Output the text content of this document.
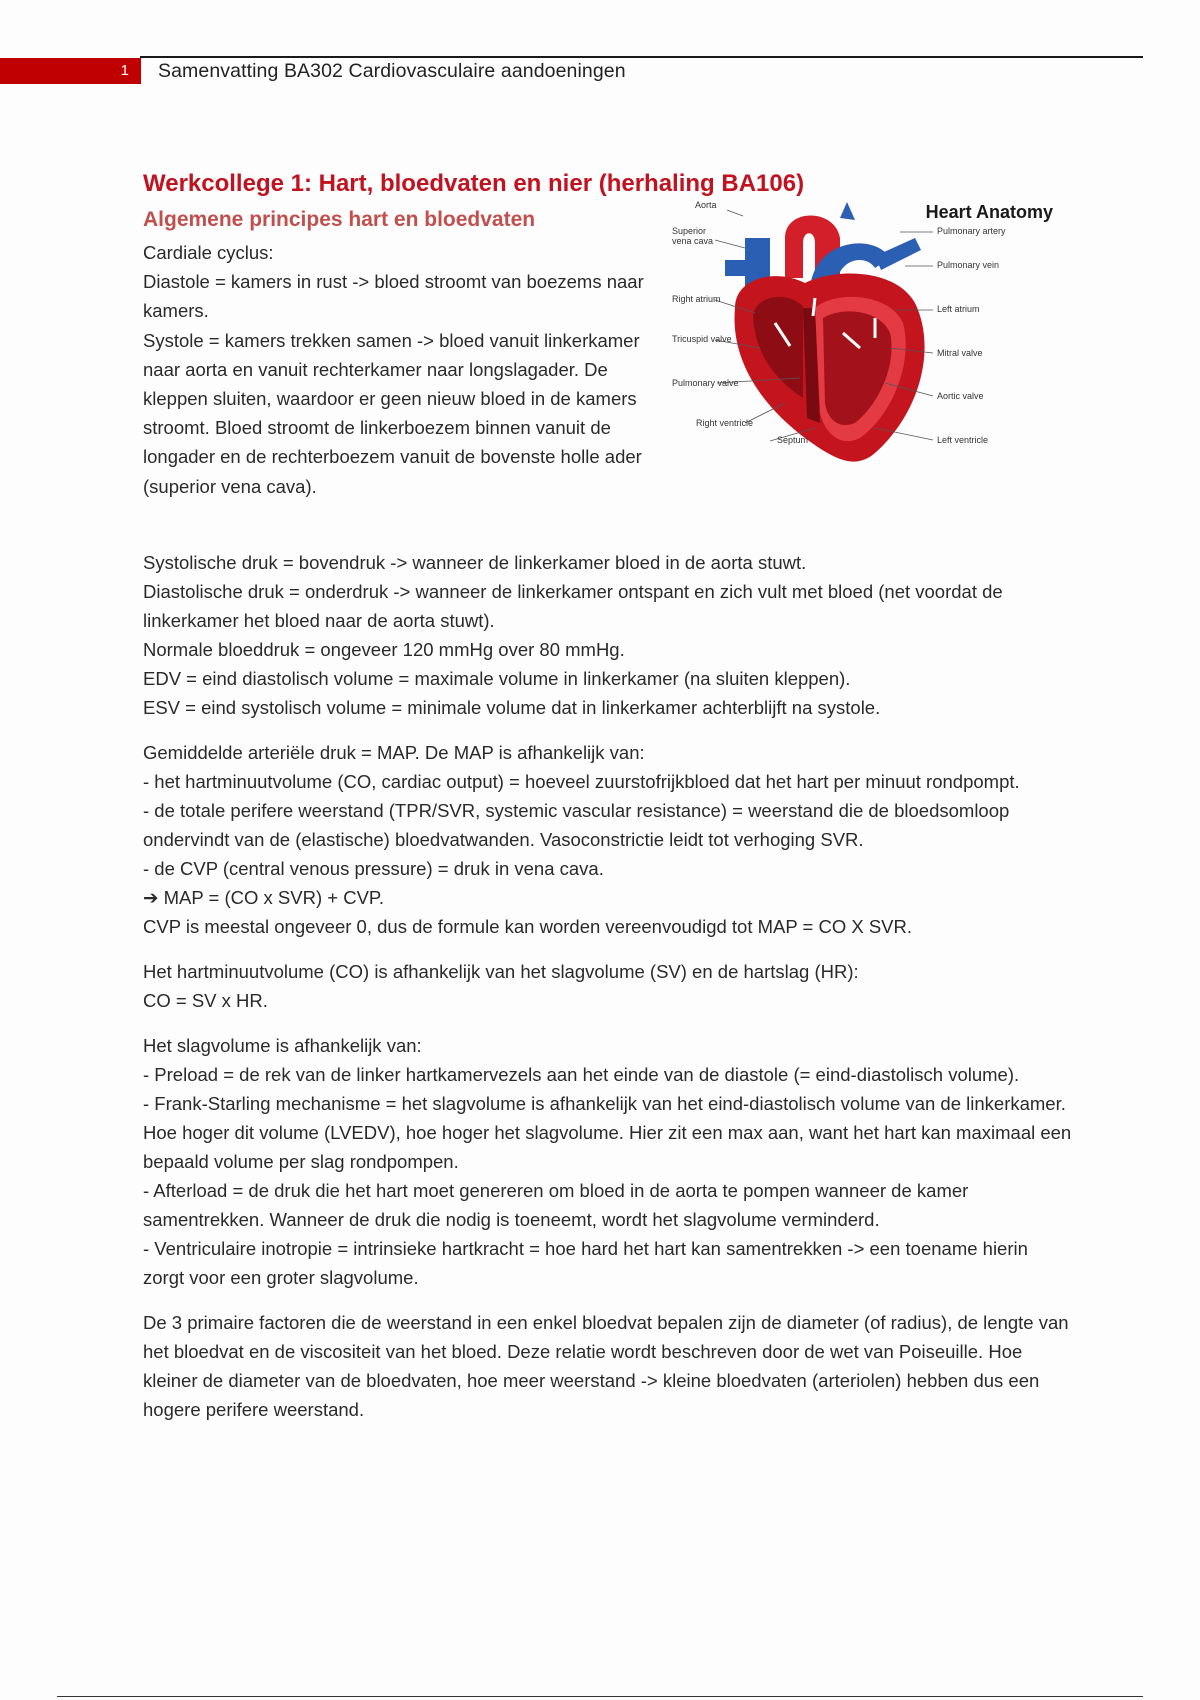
1	Samenvatting BA302 Cardiovasculaire aandoeningen
Werkcollege 1: Hart, bloedvaten en nier (herhaling BA106)
Algemene principes hart en bloedvaten

Cardiale cyclus:

Diastole = kamers in rust -> bloed stroomt van boezems naar kamers.

Systole = kamers trekken samen -> bloed vanuit linkerkamer naar aorta en vanuit rechterkamer naar longslagader. De kleppen sluiten, waardoor er geen nieuw bloed in de kamers stroomt. Bloed stroomt de linkerboezem binnen vanuit de longader en de rechterboezem vanuit de bovenste holle ader (superior vena cava).

Heart Anatomy
Aorta
Superior vena cava
Right atrium
Tricuspid valve
Pulmonary valve
Right ventricle
Septum
Pulmonary artery
Pulmonary vein
Left atrium
Mitral valve
Aortic valve
Left ventricle

Systolische druk = bovendruk -> wanneer de linkerkamer bloed in de aorta stuwt.

Diastolische druk = onderdruk -> wanneer de linkerkamer ontspant en zich vult met bloed (net voordat de linkerkamer het bloed naar de aorta stuwt).

Normale bloeddruk = ongeveer 120 mmHg over 80 mmHg.

EDV = eind diastolisch volume = maximale volume in linkerkamer (na sluiten kleppen).

ESV = eind systolisch volume = minimale volume dat in linkerkamer achterblijft na systole.

Gemiddelde arteriële druk = MAP. De MAP is afhankelijk van:

- het hartminuutvolume (CO, cardiac output) = hoeveel zuurstofrijkbloed dat het hart per minuut rondpompt.

- de totale perifere weerstand (TPR/SVR, systemic vascular resistance) = weerstand die de bloedsomloop ondervindt van de (elastische) bloedvatwanden. Vasoconstrictie leidt tot verhoging SVR.

- de CVP (central venous pressure) = druk in vena cava.

➔ MAP = (CO x SVR) + CVP.

CVP is meestal ongeveer 0, dus de formule kan worden vereenvoudigd tot MAP = CO X SVR.

Het hartminuutvolume (CO) is afhankelijk van het slagvolume (SV) en de hartslag (HR):

CO = SV x HR.

Het slagvolume is afhankelijk van:

- Preload = de rek van de linker hartkamervezels aan het einde van de diastole (= eind-diastolisch volume).

- Frank-Starling mechanisme = het slagvolume is afhankelijk van het eind-diastolisch volume van de linkerkamer. Hoe hoger dit volume (LVEDV), hoe hoger het slagvolume. Hier zit een max aan, want het hart kan maximaal een bepaald volume per slag rondpompen.

- Afterload = de druk die het hart moet genereren om bloed in de aorta te pompen wanneer de kamer samentrekken. Wanneer de druk die nodig is toeneemt, wordt het slagvolume verminderd.

- Ventriculaire inotropie = intrinsieke hartkracht = hoe hard het hart kan samentrekken -> een toename hierin zorgt voor een groter slagvolume.

De 3 primaire factoren die de weerstand in een enkel bloedvat bepalen zijn de diameter (of radius), de lengte van het bloedvat en de viscositeit van het bloed. Deze relatie wordt beschreven door de wet van Poiseuille. Hoe kleiner de diameter van de bloedvaten, hoe meer weerstand -> kleine bloedvaten (arteriolen) hebben dus een hogere perifere weerstand.
